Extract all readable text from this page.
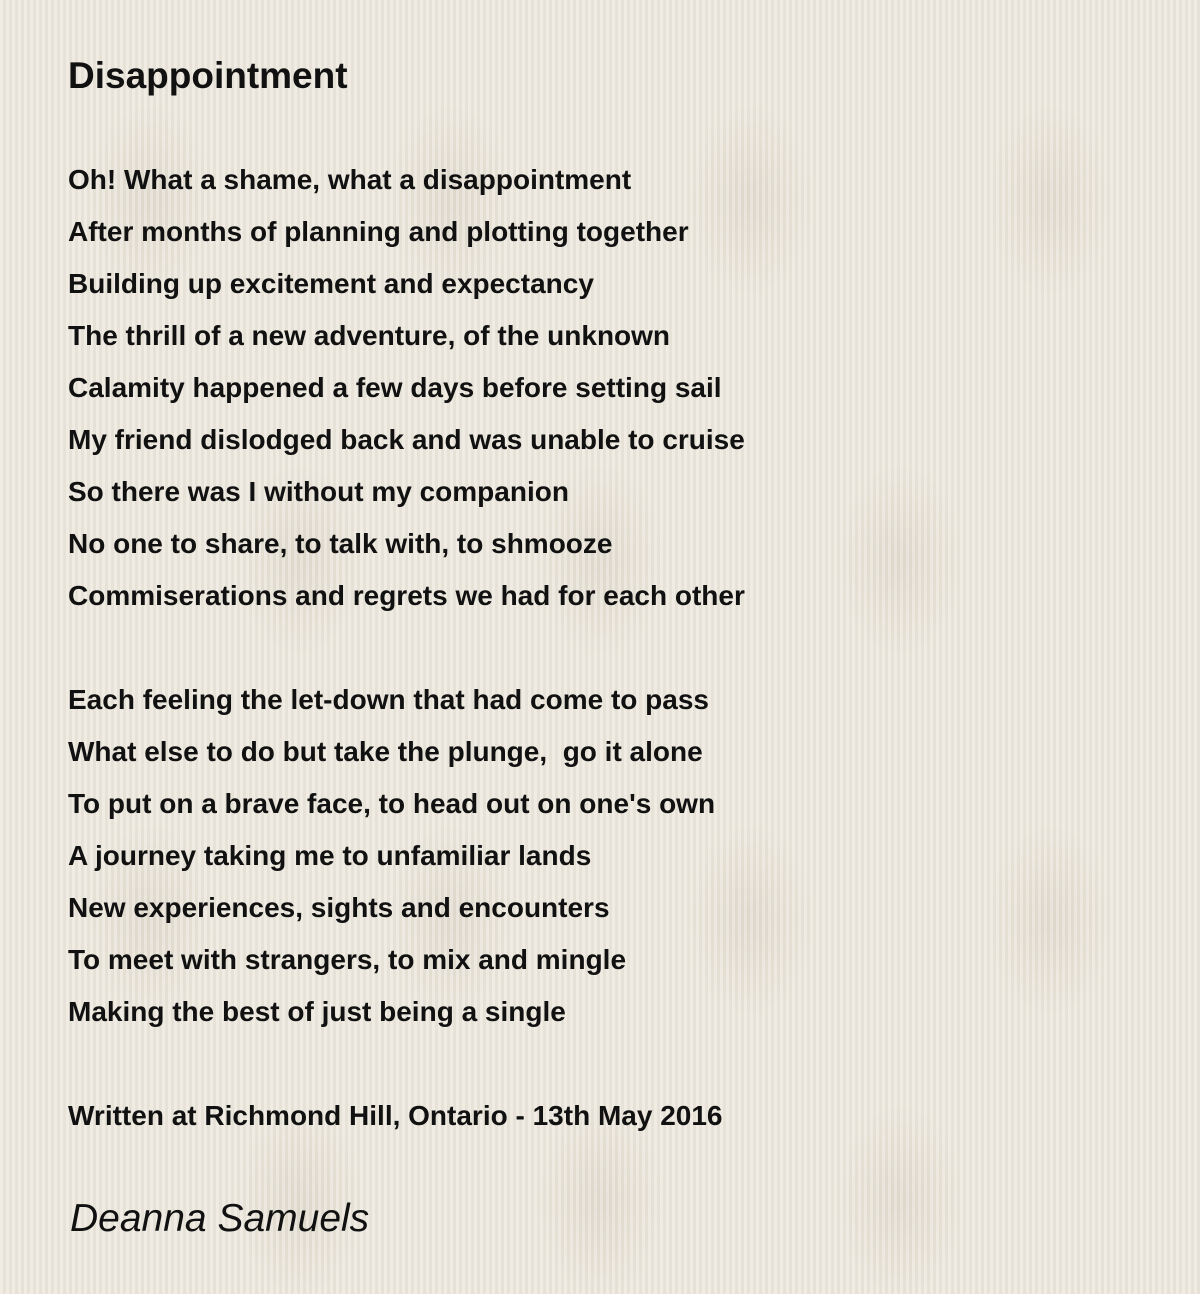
Disappointment
Oh! What a shame, what a disappointment
After months of planning and plotting together
Building up excitement and expectancy
The thrill of a new adventure, of the unknown
Calamity happened a few days before setting sail
My friend dislodged back and was unable to cruise
So there was I without my companion
No one to share, to talk with, to shmooze
Commiserations and regrets we had for each other
Each feeling the let-down that had come to pass
What else to do but take the plunge,  go it alone
To put on a brave face, to head out on one's own
A journey taking me to unfamiliar lands
New experiences, sights and encounters
To meet with strangers, to mix and mingle
Making the best of just being a single
Written at Richmond Hill, Ontario - 13th May 2016
Deanna Samuels
